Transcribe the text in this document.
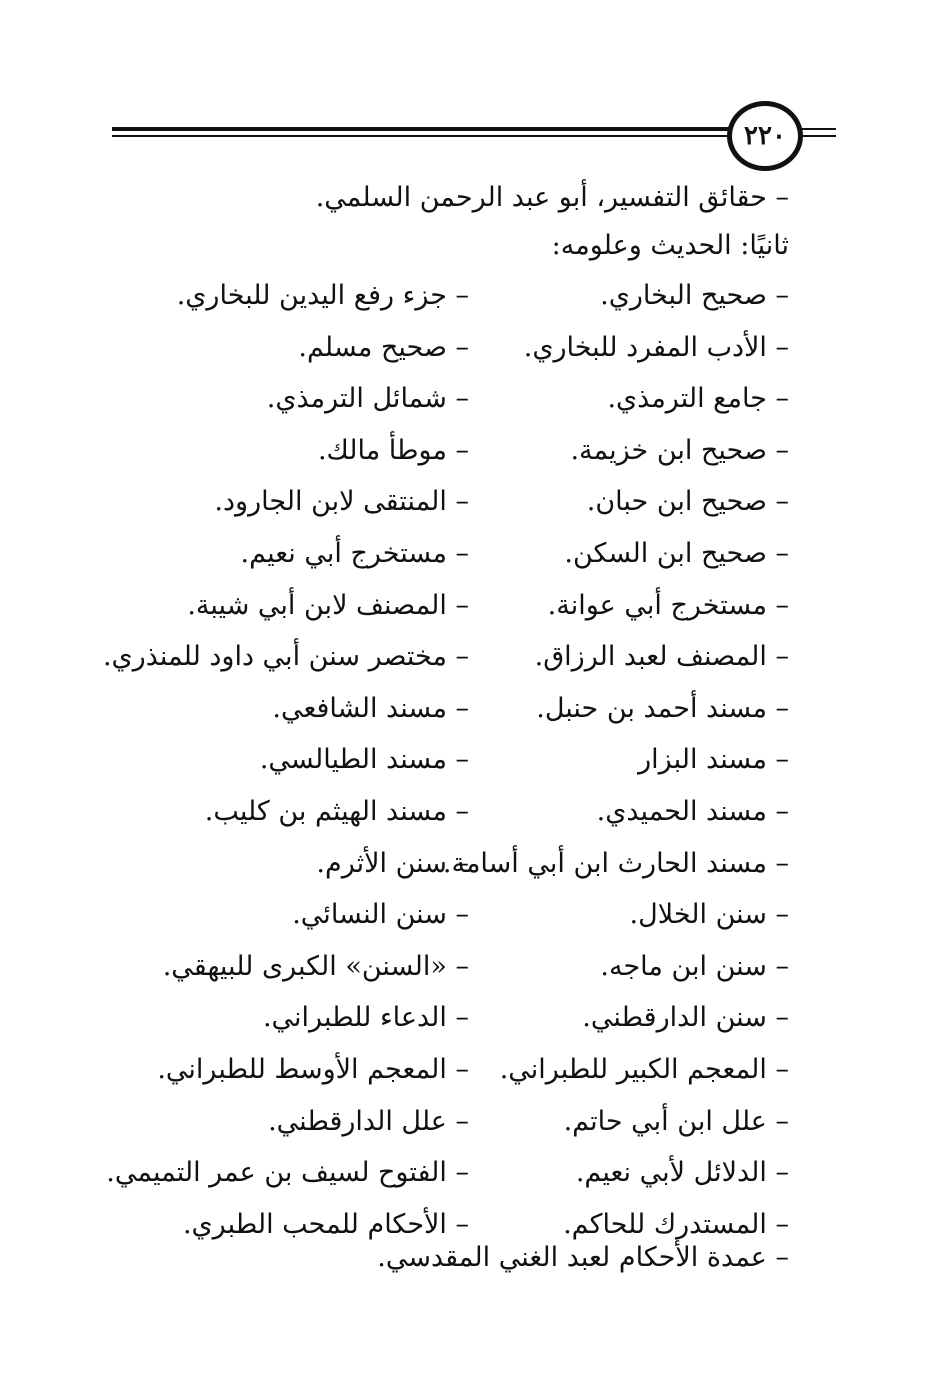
٢٢٠
– حقائق التفسير، أبو عبد الرحمن السلمي.
ثانيًا: الحديث وعلومه:
– صحيح البخاري.
– جزء رفع اليدين للبخاري.
– الأدب المفرد للبخاري.
– صحيح مسلم.
– جامع الترمذي.
– شمائل الترمذي.
– صحيح ابن خزيمة.
– موطأ مالك.
– صحيح ابن حبان.
– المنتقى لابن الجارود.
– صحيح ابن السكن.
– مستخرج أبي نعيم.
– مستخرج أبي عوانة.
– المصنف لابن أبي شيبة.
– المصنف لعبد الرزاق.
– مختصر سنن أبي داود للمنذري.
– مسند أحمد بن حنبل.
– مسند الشافعي.
– مسند البزار
– مسند الطيالسي.
– مسند الحميدي.
– مسند الهيثم بن كليب.
– مسند الحارث ابن أبي أسامة.
– سنن الأثرم.
– سنن الخلال.
– سنن النسائي.
– سنن ابن ماجه.
– «السنن» الكبرى للبيهقي.
– سنن الدارقطني.
– الدعاء للطبراني.
– المعجم الكبير للطبراني.
– المعجم الأوسط للطبراني.
– علل ابن أبي حاتم.
– علل الدارقطني.
– الدلائل لأبي نعيم.
– الفتوح لسيف بن عمر التميمي.
– المستدرك للحاكم.
– الأحكام للمحب الطبري.
– عمدة الأحكام لعبد الغني المقدسي.
